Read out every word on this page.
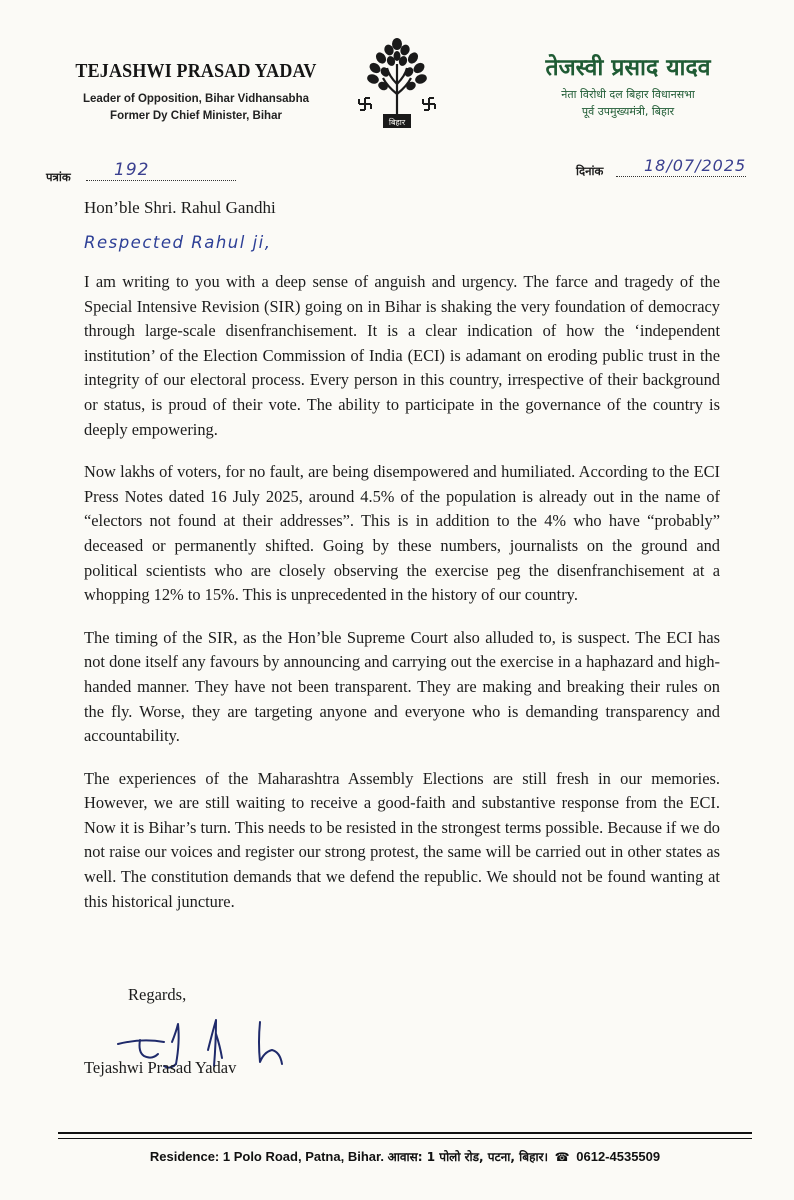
TEJASHWI PRASAD YADAV
Leader of Opposition, Bihar Vidhansabha
Former Dy Chief Minister, Bihar
बिहार
तेजस्वी प्रसाद यादव
नेता विरोधी दल बिहार विधानसभा
पूर्व उपमुख्यमंत्री, बिहार
पत्रांक	192	दिनांक	18/07/2025
Hon’ble Shri. Rahul Gandhi
Respected Rahul ji,

I am writing to you with a deep sense of anguish and urgency. The farce and tragedy of the Special Intensive Revision (SIR) going on in Bihar is shaking the very foundation of democracy through large-scale disenfranchisement. It is a clear indication of how the ‘independent institution’ of the Election Commission of India (ECI) is adamant on eroding public trust in the integrity of our electoral process. Every person in this country, irrespective of their background or status, is proud of their vote. The ability to participate in the governance of the country is deeply empowering.

Now lakhs of voters, for no fault, are being disempowered and humiliated. According to the ECI Press Notes dated 16 July 2025, around 4.5% of the population is already out in the name of “electors not found at their addresses”. This is in addition to the 4% who have “probably” deceased or permanently shifted. Going by these numbers, journalists on the ground and political scientists who are closely observing the exercise peg the disenfranchisement at a whopping 12% to 15%. This is unprecedented in the history of our country.

The timing of the SIR, as the Hon’ble Supreme Court also alluded to, is suspect. The ECI has not done itself any favours by announcing and carrying out the exercise in a haphazard and high-handed manner. They have not been transparent. They are making and breaking their rules on the fly. Worse, they are targeting anyone and everyone who is demanding transparency and accountability.

The experiences of the Maharashtra Assembly Elections are still fresh in our memories. However, we are still waiting to receive a good-faith and substantive response from the ECI. Now it is Bihar’s turn. This needs to be resisted in the strongest terms possible. Because if we do not raise our voices and register our strong protest, the same will be carried out in other states as well. The constitution demands that we defend the republic. We should not be found wanting at this historical juncture.

Regards,
Tejashwi Prasad Yadav
Residence: 1 Polo Road, Patna, Bihar. आवास: 1 पोलो रोड, पटना, बिहार। ☎ 0612-4535509
